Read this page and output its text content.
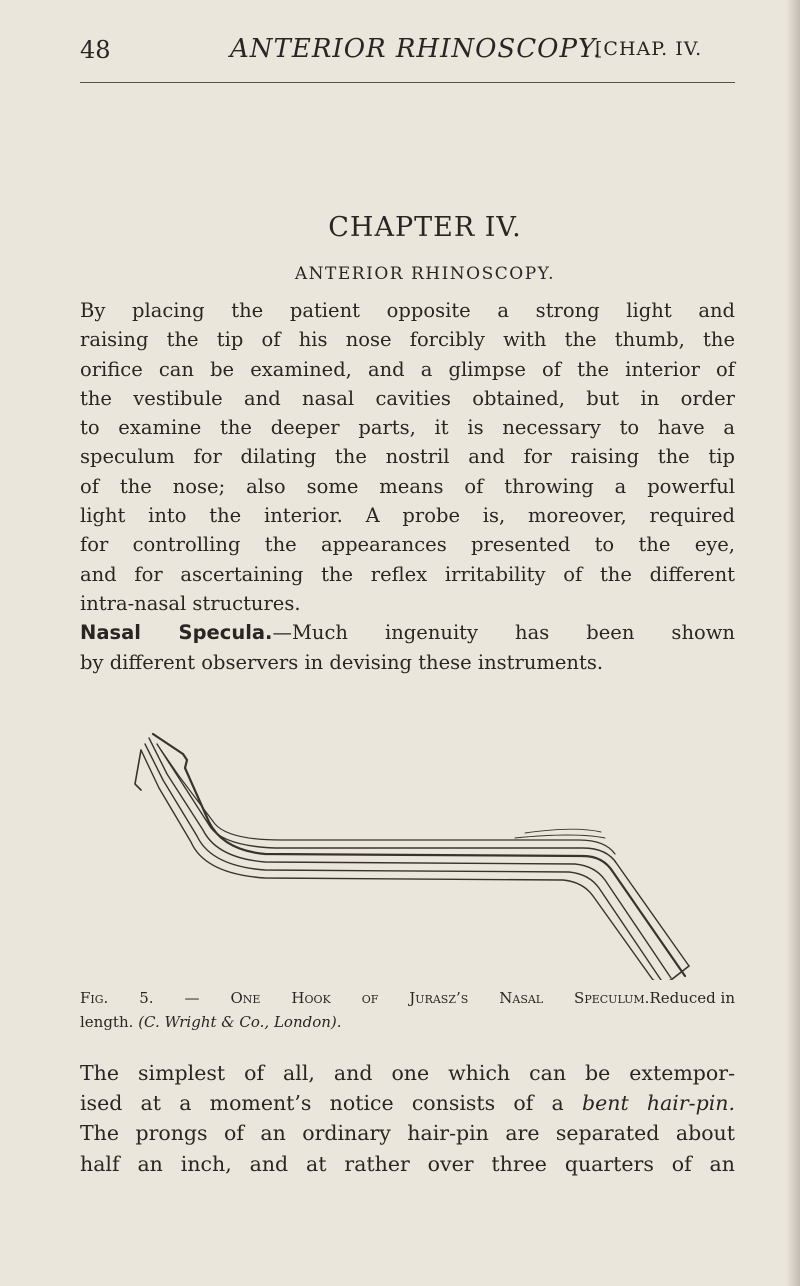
48	ANTERIOR RHINOSCOPY.
[CHAP. IV.
CHAPTER IV.
ANTERIOR RHINOSCOPY.
By placing the patient opposite a strong light and
raising the tip of his nose forcibly with the thumb, the
orifice can be examined, and a glimpse of the interior of
the vestibule and nasal cavities obtained, but in order
to examine the deeper parts, it is necessary to have a
speculum for dilating the nostril and for raising the tip
of the nose; also some means of throwing a powerful
light into the interior. A probe is, moreover, required
for controlling the appearances presented to the eye,
and for ascertaining the reflex irritability of the different
intra-nasal structures.
Nasal Specula.—Much ingenuity has been shown
by different observers in devising these instruments.
Fig. 5. — One Hook of Jurasz’s Nasal Speculum. Reduced in
length. (C. Wright & Co., London).
The simplest of all, and one which can be extempor-
ised at a moment’s notice consists of a bent hair-pin.
The prongs of an ordinary hair-pin are separated about
half an inch, and at rather over three quarters of an
